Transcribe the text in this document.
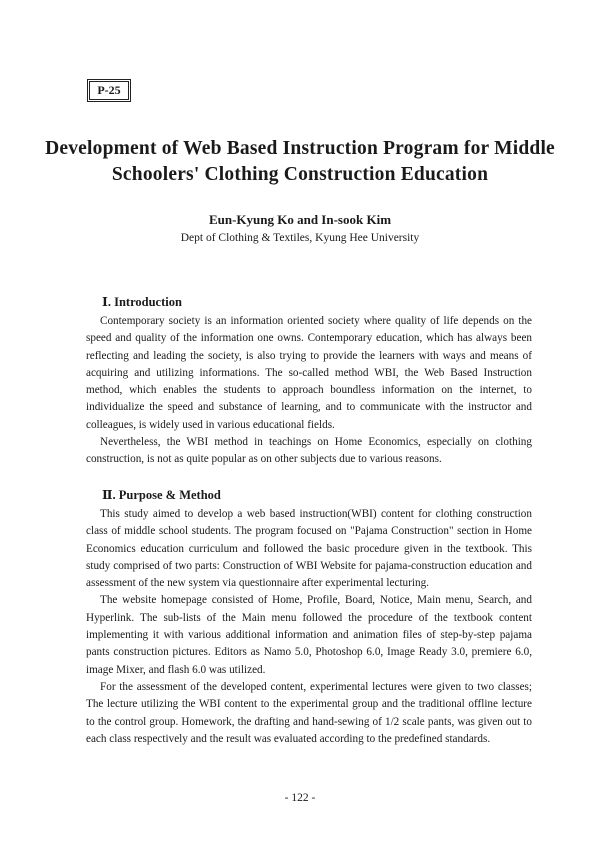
P-25
Development of Web Based Instruction Program for Middle Schoolers' Clothing Construction Education
Eun-Kyung Ko and In-sook Kim
Dept of Clothing & Textiles, Kyung Hee University
Ⅰ. Introduction

Contemporary society is an information oriented society where quality of life depends on the speed and quality of the information one owns. Contemporary education, which has always been reflecting and leading the society, is also trying to provide the learners with ways and means of acquiring and utilizing informations. The so-called method WBI, the Web Based Instruction method, which enables the students to approach boundless information on the internet, to individualize the speed and substance of learning, and to communicate with the instructor and colleagues, is widely used in various educational fields.

Nevertheless, the WBI method in teachings on Home Economics, especially on clothing construction, is not as quite popular as on other subjects due to various reasons.

Ⅱ. Purpose & Method

This study aimed to develop a web based instruction(WBI) content for clothing construction class of middle school students. The program focused on "Pajama Construction" section in Home Economics education curriculum and followed the basic procedure given in the textbook. This study comprised of two parts: Construction of WBI Website for pajama-construction education and assessment of the new system via questionnaire after experimental lecturing.

The website homepage consisted of Home, Profile, Board, Notice, Main menu, Search, and Hyperlink. The sub-lists of the Main menu followed the procedure of the textbook content implementing it with various additional information and animation files of step-by-step pajama pants construction pictures. Editors as Namo 5.0, Photoshop 6.0, Image Ready 3.0, premiere 6.0, image Mixer, and flash 6.0 was utilized.

For the assessment of the developed content, experimental lectures were given to two classes; The lecture utilizing the WBI content to the experimental group and the traditional offline lecture to the control group. Homework, the drafting and hand-sewing of 1/2 scale pants, was given out to each class respectively and the result was evaluated according to the predefined standards.

- 122 -
